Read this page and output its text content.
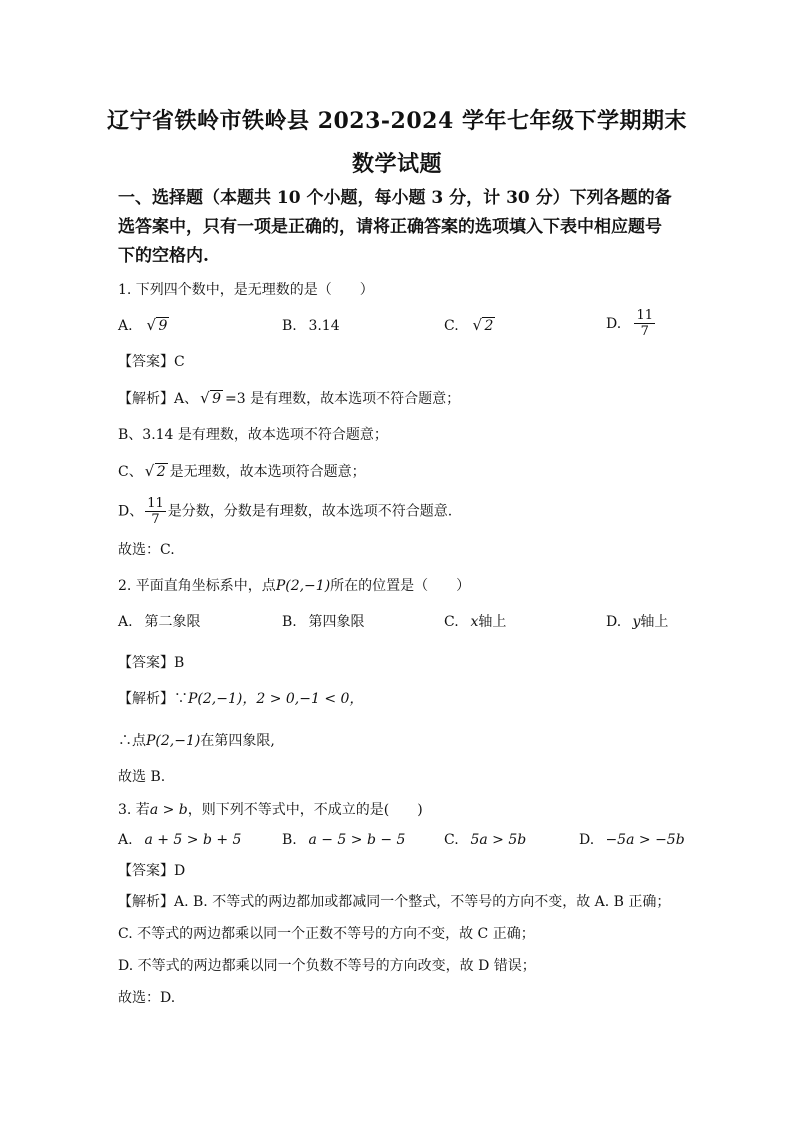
辽宁省铁岭市铁岭县 2023-2024 学年七年级下学期期末
数学试题
一、选择题（本题共 10 个小题，每小题 3 分，计 30 分）下列各题的备选答案中，只有一项是正确的，请将正确答案的选项填入下表中相应题号下的空格内.
1. 下列四个数中，是无理数的是（　　）
A. √ 9	B. 3.14	C. √ 2	D. $\frac{11}{7}$
【答案】C
【解析】A、 √ 9 =3 是有理数，故本选项不符合题意；
B、3.14 是有理数，故本选项不符合题意；
C、 √ 2 是无理数，故本选项符合题意；
D、 $\frac{11}{7}$ 是分数，分数是有理数，故本选项不符合题意.
故选：C.
2. 平面直角坐标系中，点P(2,−1)所在的位置是（　　）
A. 第二象限	B. 第四象限	C. x轴上	D. y轴上
【答案】B
【解析】∵P(2,−1)，2 > 0,−1 < 0，
∴点P(2,−1)在第四象限,
故选 B.
3. 若a > b，则下列不等式中，不成立的是(　　)
A. a + 5 > b + 5	B. a − 5 > b − 5	C. 5a > 5b	D. −5a > −5b
【答案】D
【解析】A. B. 不等式的两边都加或都减同一个整式，不等号的方向不变，故 A. B 正确；
C. 不等式的两边都乘以同一个正数不等号的方向不变，故 C 正确；
D. 不等式的两边都乘以同一个负数不等号的方向改变，故 D 错误；
故选：D.
